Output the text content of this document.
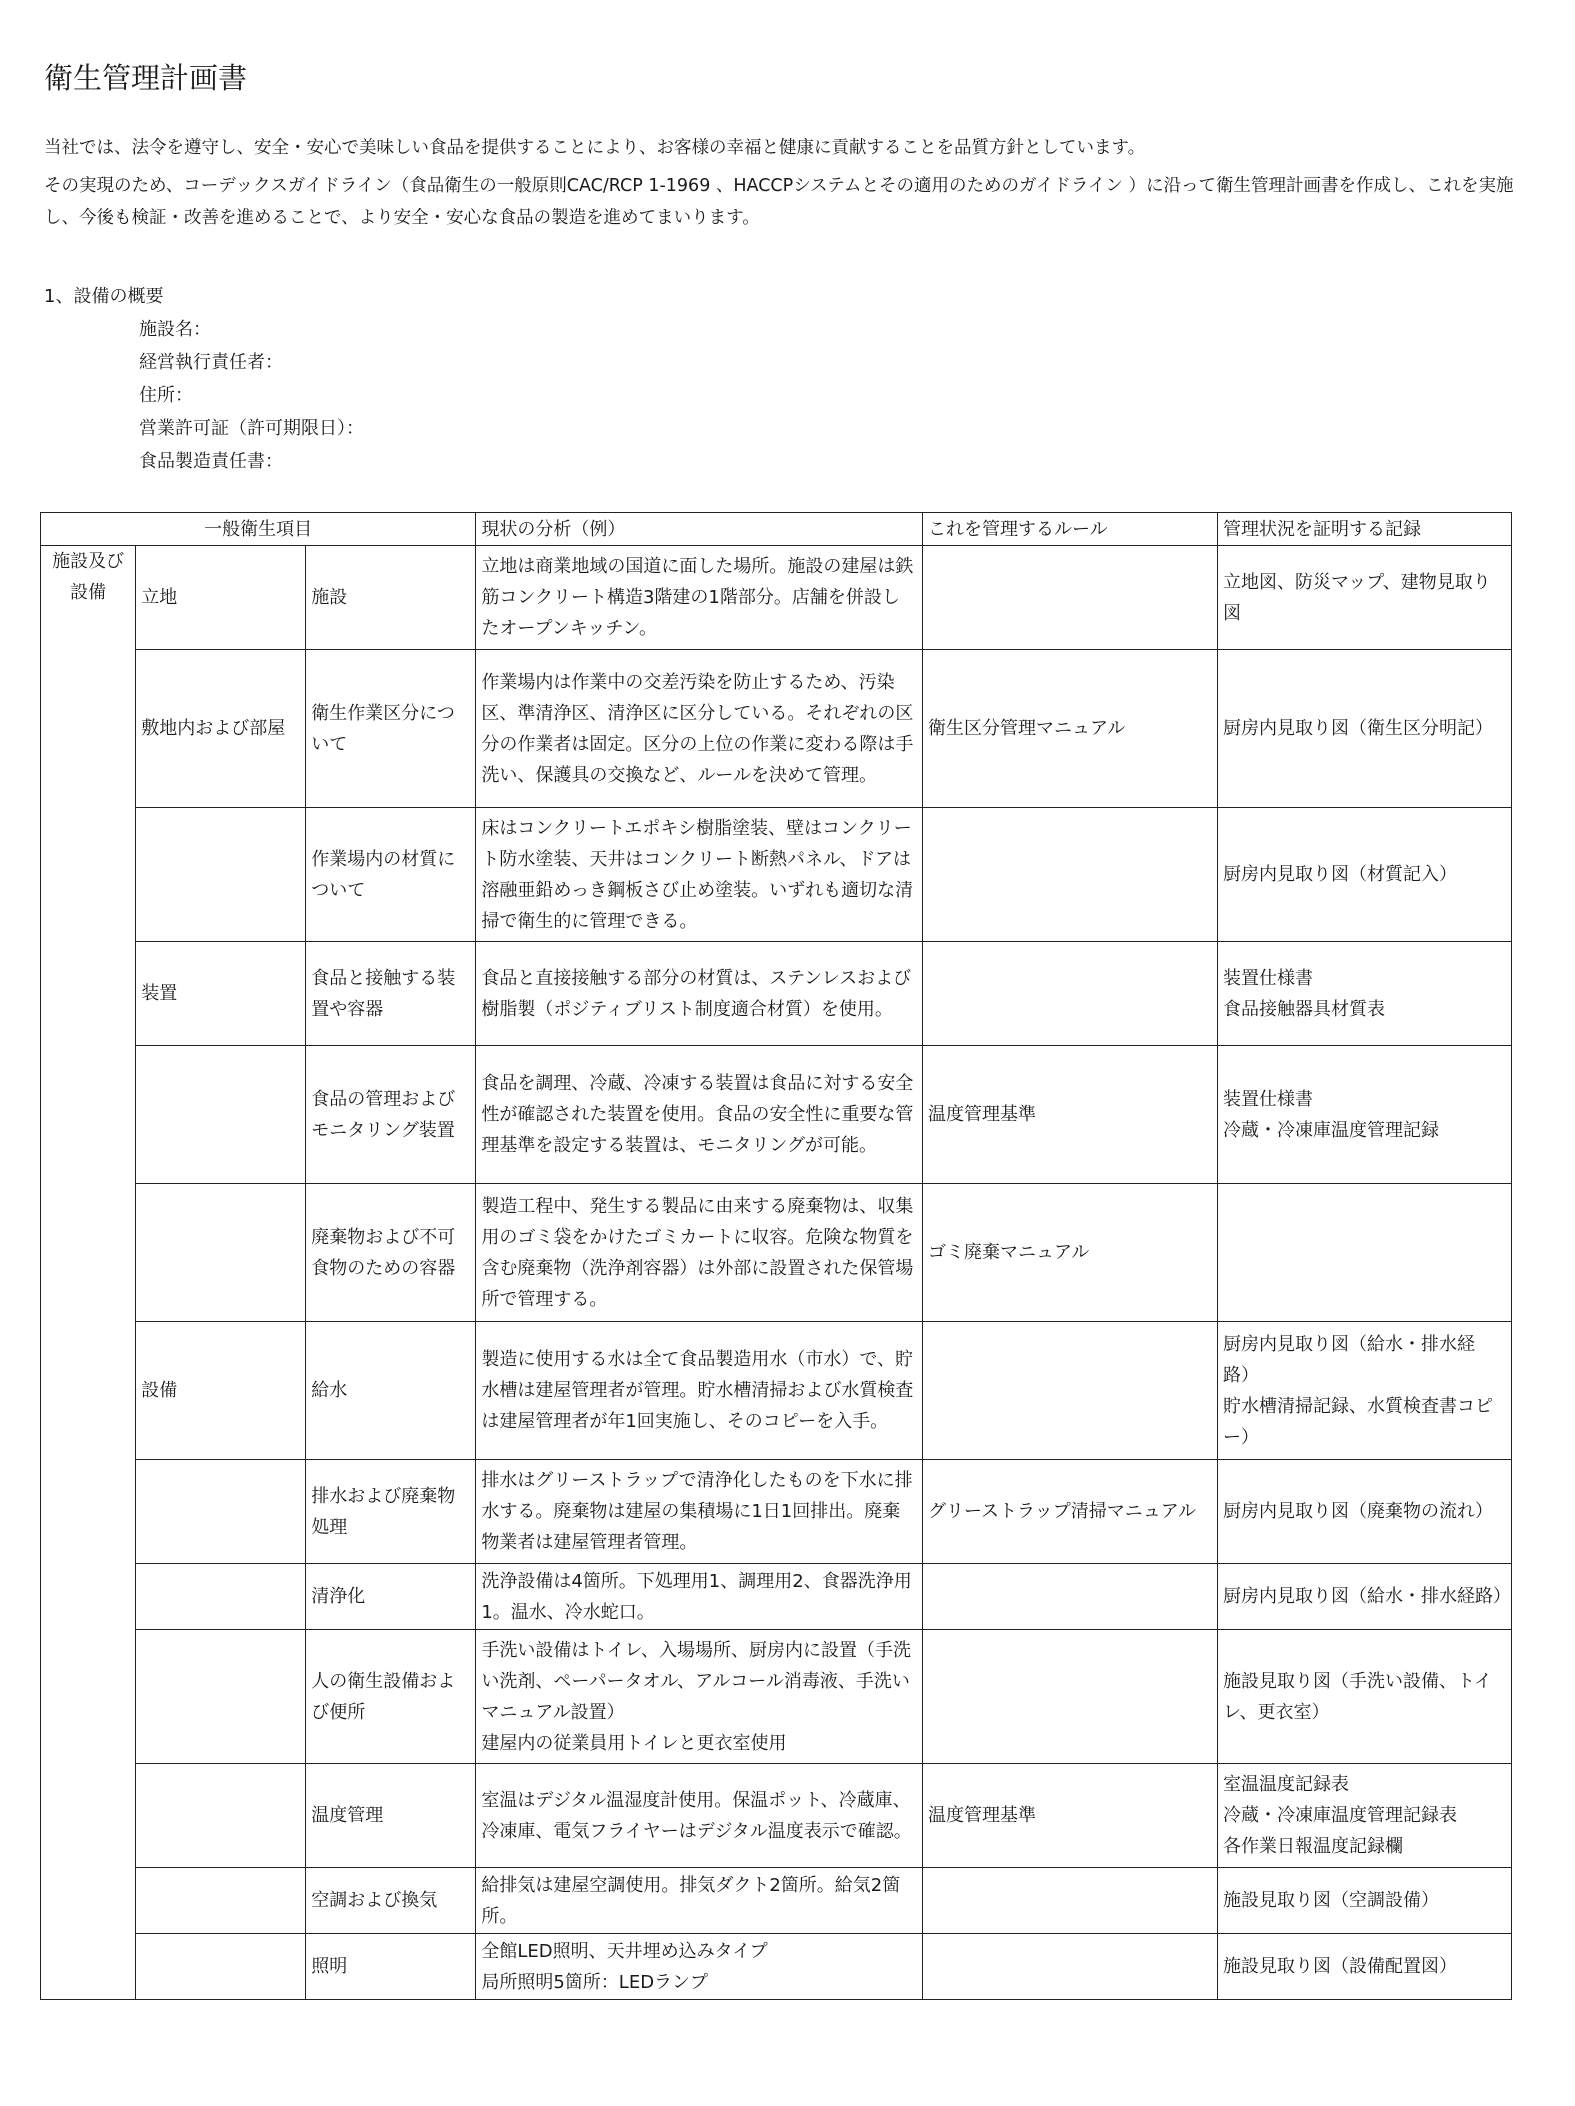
衛生管理計画書

当社では、法令を遵守し、安全・安心で美味しい食品を提供することにより、お客様の幸福と健康に貢献することを品質方針としています。

その実現のため、コーデックスガイドライン（食品衛生の一般原則CAC/RCP 1-1969 、HACCPシステムとその適用のためのガイドライン ）に沿って衛生管理計画書を作成し、これを実施し、今後も検証・改善を進めることで、より安全・安心な食品の製造を進めてまいります。

1、設備の概要

施設名：

経営執行責任者：

住所：

営業許可証（許可期限日）：

食品製造責任書：

一般衛生項目			現状の分析（例）	これを管理するルール	管理状況を証明する記録
施設及び
設備	立地	施設	立地は商業地域の国道に面した場所。施設の建屋は鉄筋コンクリート構造3階建の1階部分。店舗を併設したオープンキッチン。		立地図、防災マップ、建物見取り図
	敷地内および部屋	衛生作業区分について	作業場内は作業中の交差汚染を防止するため、汚染区、準清浄区、清浄区に区分している。それぞれの区分の作業者は固定。区分の上位の作業に変わる際は手洗い、保護具の交換など、ルールを決めて管理。	衛生区分管理マニュアル	厨房内見取り図（衛生区分明記）
		作業場内の材質について	床はコンクリートエポキシ樹脂塗装、壁はコンクリート防水塗装、天井はコンクリート断熱パネル、ドアは溶融亜鉛めっき鋼板さび止め塗装。いずれも適切な清掃で衛生的に管理できる。		厨房内見取り図（材質記入）
	装置	食品と接触する装置や容器	食品と直接接触する部分の材質は、ステンレスおよび樹脂製（ポジティブリスト制度適合材質）を使用。		装置仕様書
食品接触器具材質表
		食品の管理およびモニタリング装置	食品を調理、冷蔵、冷凍する装置は食品に対する安全性が確認された装置を使用。食品の安全性に重要な管理基準を設定する装置は、モニタリングが可能。	温度管理基準	装置仕様書
冷蔵・冷凍庫温度管理記録
		廃棄物および不可食物のための容器	製造工程中、発生する製品に由来する廃棄物は、収集用のゴミ袋をかけたゴミカートに収容。危険な物質を含む廃棄物（洗浄剤容器）は外部に設置された保管場所で管理する。	ゴミ廃棄マニュアル	
	設備	給水	製造に使用する水は全て食品製造用水（市水）で、貯水槽は建屋管理者が管理。貯水槽清掃および水質検査は建屋管理者が年1回実施し、そのコピーを入手。		厨房内見取り図（給水・排水経路）
貯水槽清掃記録、水質検査書コピー）
		排水および廃棄物処理	排水はグリーストラップで清浄化したものを下水に排水する。廃棄物は建屋の集積場に1日1回排出。廃棄物業者は建屋管理者管理。	グリーストラップ清掃マニュアル	厨房内見取り図（廃棄物の流れ）
		清浄化	洗浄設備は4箇所。下処理用1、調理用2、食器洗浄用1。温水、冷水蛇口。		厨房内見取り図（給水・排水経路）
		人の衛生設備および便所	手洗い設備はトイレ、入場場所、厨房内に設置（手洗い洗剤、ペーパータオル、アルコール消毒液、手洗いマニュアル設置）
建屋内の従業員用トイレと更衣室使用		施設見取り図（手洗い設備、トイレ、更衣室）
		温度管理	室温はデジタル温湿度計使用。保温ポット、冷蔵庫、冷凍庫、電気フライヤーはデジタル温度表示で確認。	温度管理基準	室温温度記録表
冷蔵・冷凍庫温度管理記録表
各作業日報温度記録欄
		空調および換気	給排気は建屋空調使用。排気ダクト2箇所。給気2箇所。		施設見取り図（空調設備）
		照明	全館LED照明、天井埋め込みタイプ
局所照明5箇所：LEDランプ		施設見取り図（設備配置図）
